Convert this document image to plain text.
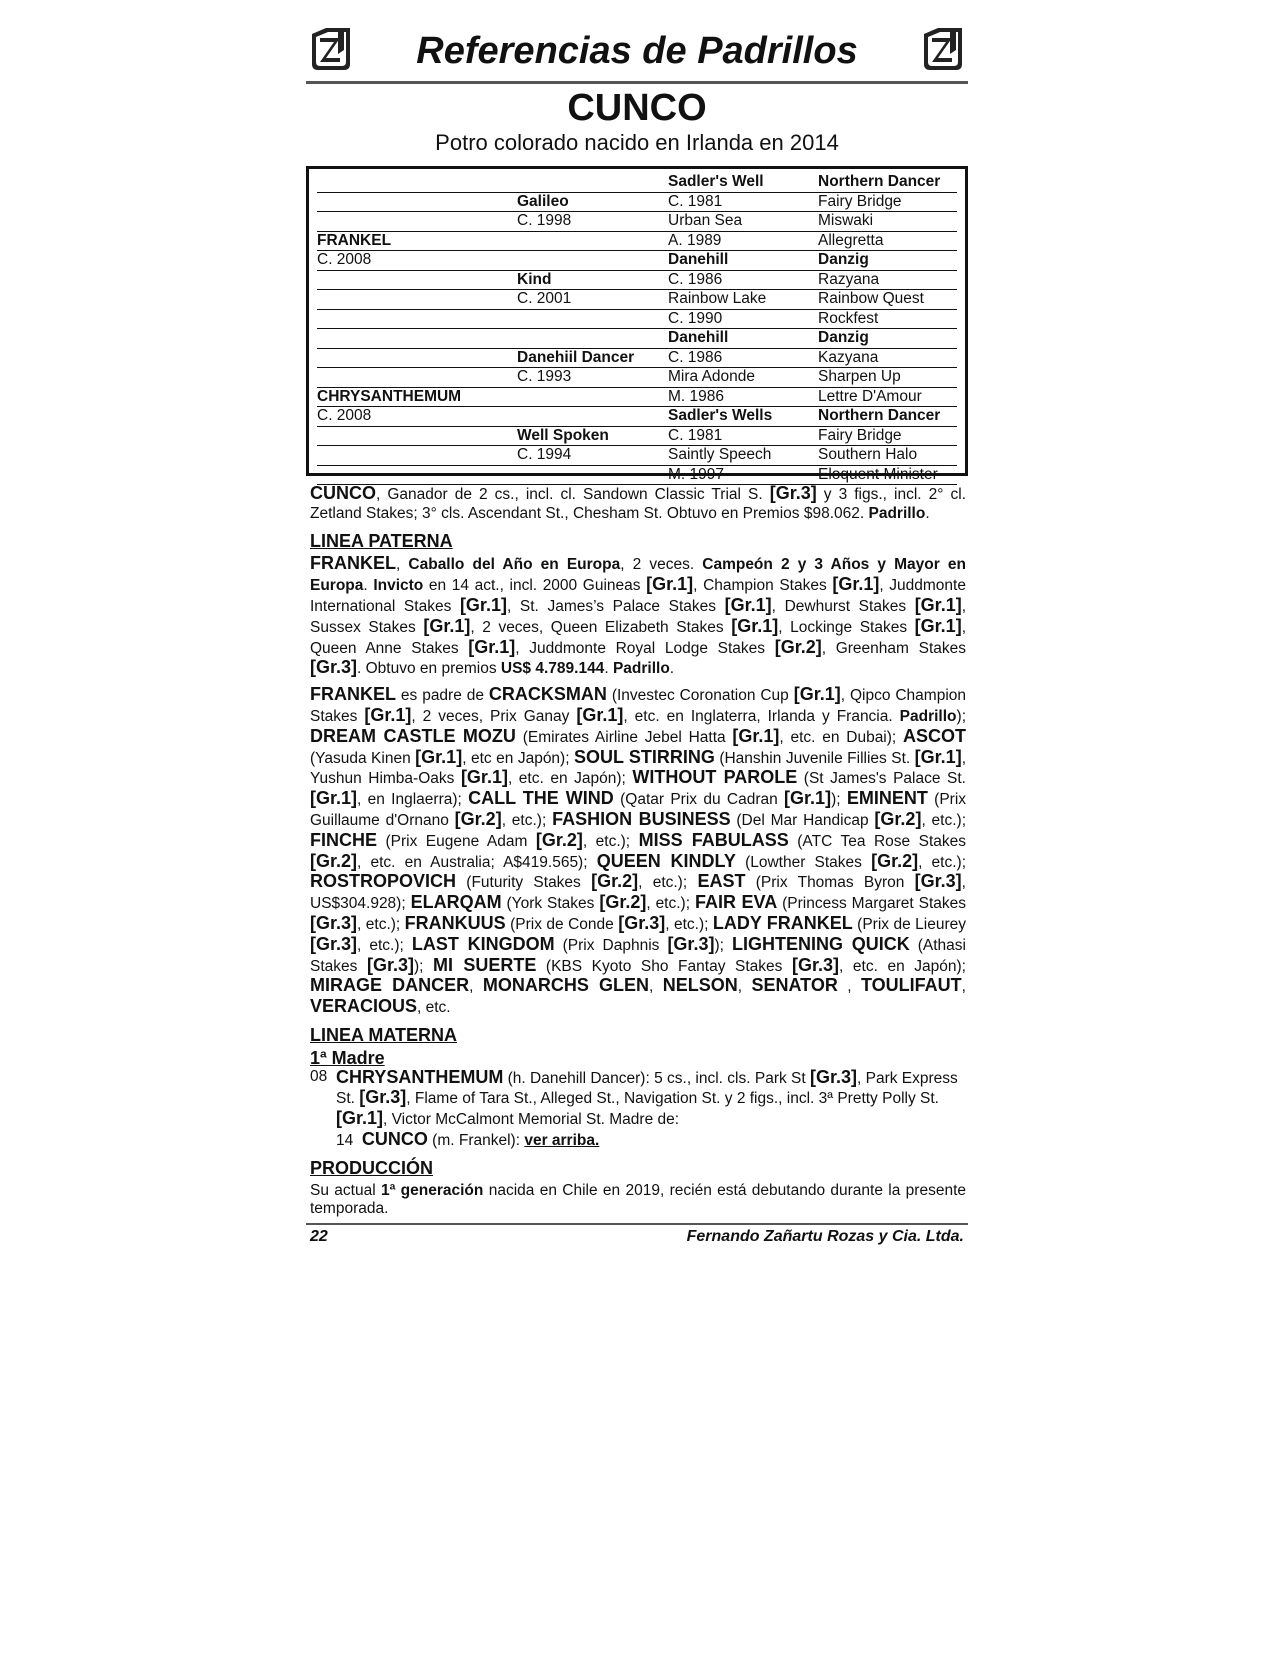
Referencias de Padrillos
CUNCO
Potro colorado nacido en Irlanda en 2014
		Sadler's Well	Northern Dancer
	Galileo	C. 1981	Fairy Bridge
	C. 1998	Urban Sea	Miswaki
FRANKEL		A. 1989	Allegretta
C. 2008		Danehill	Danzig
	Kind	C. 1986	Razyana
	C. 2001	Rainbow Lake	Rainbow Quest
		C. 1990	Rockfest
		Danehill	Danzig
	Danehiil Dancer	C. 1986	Kazyana
	C. 1993	Mira Adonde	Sharpen Up
CHRYSANTHEMUM		M. 1986	Lettre D'Amour
C. 2008		Sadler's Wells	Northern Dancer
	Well Spoken	C. 1981	Fairy Bridge
	C. 1994	Saintly Speech	Southern Halo
		M. 1997	Eloquent Minister

CUNCO, Ganador de 2 cs., incl. cl. Sandown Classic Trial S. [Gr.3] y 3 figs., incl. 2° cl. Zetland Stakes; 3° cls. Ascendant St., Chesham St. Obtuvo en Premios $98.062. Padrillo.

LINEA PATERNA

FRANKEL, Caballo del Año en Europa, 2 veces. Campeón 2 y 3 Años y Mayor en Europa. Invicto en 14 act., incl. 2000 Guineas [Gr.1], Champion Stakes [Gr.1], Juddmonte International Stakes [Gr.1], St. James’s Palace Stakes [Gr.1], Dewhurst Stakes [Gr.1], Sussex Stakes [Gr.1], 2 veces, Queen Elizabeth Stakes [Gr.1], Lockinge Stakes [Gr.1], Queen Anne Stakes [Gr.1], Juddmonte Royal Lodge Stakes [Gr.2], Greenham Stakes [Gr.3]. Obtuvo en premios US$ 4.789.144. Padrillo.

FRANKEL es padre de CRACKSMAN (Investec Coronation Cup [Gr.1], Qipco Champion Stakes [Gr.1], 2 veces, Prix Ganay [Gr.1], etc. en Inglaterra, Irlanda y Francia. Padrillo); DREAM CASTLE MOZU (Emirates Airline Jebel Hatta [Gr.1], etc. en Dubai); ASCOT (Yasuda Kinen [Gr.1], etc en Japón); SOUL STIRRING (Hanshin Juvenile Fillies St. [Gr.1], Yushun Himba-Oaks [Gr.1], etc. en Japón); WITHOUT PAROLE (St James's Palace St. [Gr.1], en Inglaerra); CALL THE WIND (Qatar Prix du Cadran [Gr.1]); EMINENT (Prix Guillaume d'Ornano [Gr.2], etc.); FASHION BUSINESS (Del Mar Handicap [Gr.2], etc.); FINCHE (Prix Eugene Adam [Gr.2], etc.); MISS FABULASS (ATC Tea Rose Stakes [Gr.2], etc. en Australia; A$419.565); QUEEN KINDLY (Lowther Stakes [Gr.2], etc.); ROSTROPOVICH (Futurity Stakes [Gr.2], etc.); EAST (Prix Thomas Byron [Gr.3], US$304.928); ELARQAM (York Stakes [Gr.2], etc.); FAIR EVA (Princess Margaret Stakes [Gr.3], etc.); FRANKUUS (Prix de Conde [Gr.3], etc.); LADY FRANKEL (Prix de Lieurey [Gr.3], etc.); LAST KINGDOM (Prix Daphnis [Gr.3]); LIGHTENING QUICK (Athasi Stakes [Gr.3]); MI SUERTE (KBS Kyoto Sho Fantay Stakes [Gr.3], etc. en Japón); MIRAGE DANCER, MONARCHS GLEN, NELSON, SENATOR , TOULIFAUT, VERACIOUS, etc.

LINEA MATERNA
1ª Madre
08 CHRYSANTHEMUM (h. Danehill Dancer): 5 cs., incl. cls. Park St [Gr.3], Park Express St. [Gr.3], Flame of Tara St., Alleged St., Navigation St. y 2 figs., incl. 3ª Pretty Polly St. [Gr.1], Victor McCalmont Memorial St. Madre de:

14 CUNCO (m. Frankel): ver arriba.

PRODUCCIÓN

Su actual 1ª generación nacida en Chile en 2019, recién está debutando durante la presente temporada.

22	Fernando Zañartu Rozas y Cia. Ltda.
